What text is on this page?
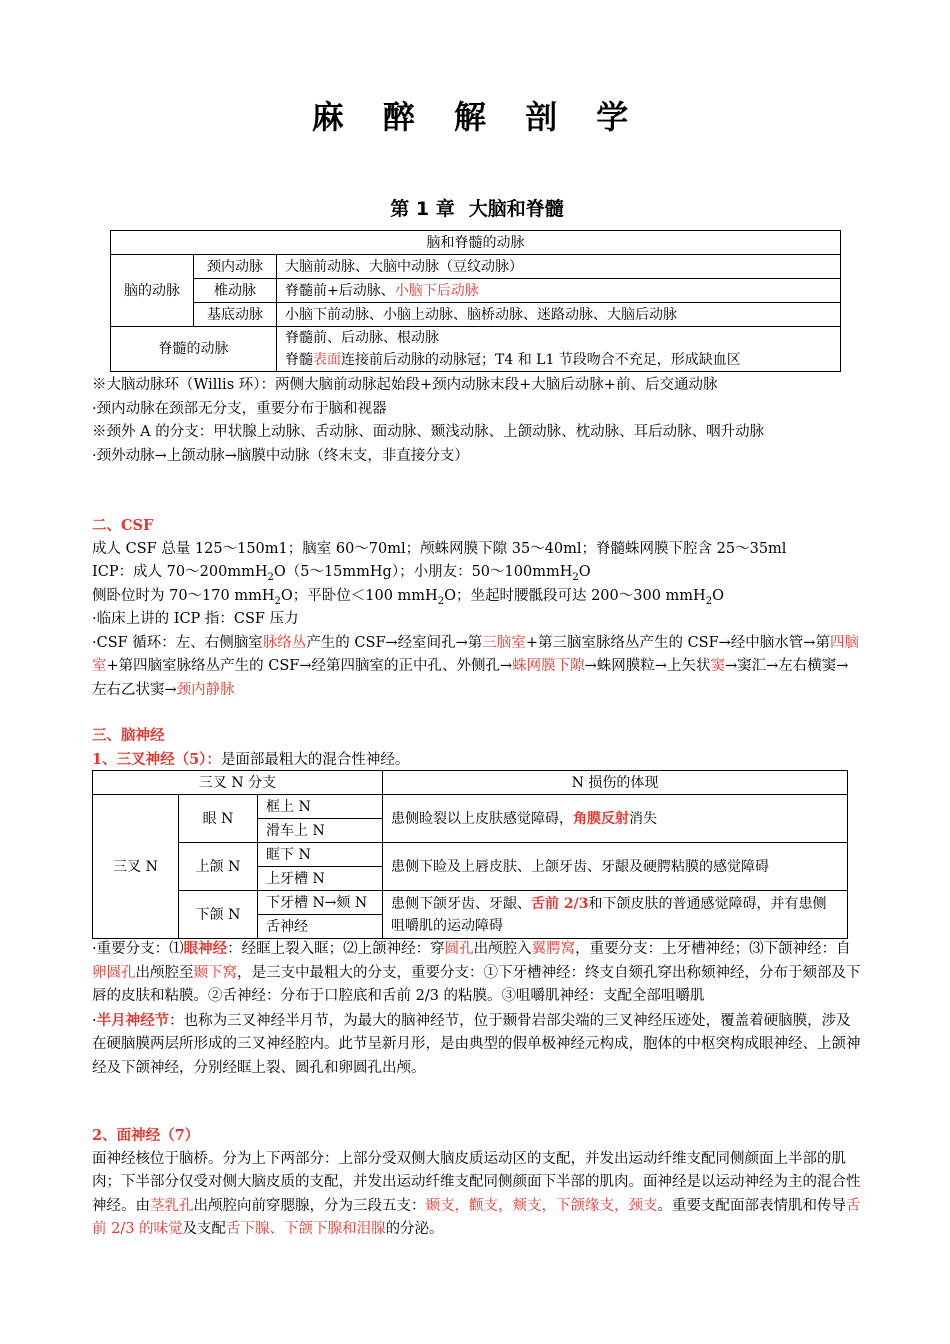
麻 醉 解 剖 学
第 1 章 大脑和脊髓
脑和脊髓的动脉		
脑的动脉	颈内动脉	大脑前动脉、大脑中动脉（豆纹动脉）
	椎动脉	脊髓前+后动脉、小脑下后动脉
	基底动脉	小脑下前动脉、小脑上动脉、脑桥动脉、迷路动脉、大脑后动脉
脊髓的动脉		脊髓前、后动脉、根动脉
脊髓表面连接前后动脉的动脉冠；T4 和 L1 节段吻合不充足，形成缺血区

※大脑动脉环（Willis 环）：两侧大脑前动脉起始段+颈内动脉末段+大脑后动脉+前、后交通动脉

·颈内动脉在颈部无分支，重要分布于脑和视器

※颈外 A 的分支：甲状腺上动脉、舌动脉、面动脉、颞浅动脉、上颌动脉、枕动脉、耳后动脉、咽升动脉

·颈外动脉→上颌动脉→脑膜中动脉（终末支，非直接分支）

二、CSF

成人 CSF 总量 125～150m1；脑室 60～70ml；颅蛛网膜下隙 35～40ml；脊髓蛛网膜下腔含 25～35ml

ICP：成人 70～200mmH$_2$O（5～15mmHg）；小朋友：50～100mmH$_2$O

侧卧位时为 70～170 mmH$_2$O；平卧位＜100 mmH$_2$O；坐起时腰骶段可达 200～300 mmH$_2$O

·临床上讲的 ICP 指：CSF 压力

·CSF 循环：左、右侧脑室脉络丛产生的 CSF→经室间孔→第三脑室+第三脑室脉络丛产生的 CSF→经中脑水管→第四脑室+第四脑室脉络丛产生的 CSF→经第四脑室的正中孔、外侧孔→蛛网膜下隙→蛛网膜粒→上矢状窦→窦汇→左右横窦→左右乙状窦→颈内静脉

三、脑神经

1、三叉神经（5）：是面部最粗大的混合性神经。

三叉 N 分支			N 损伤的体现
三叉 N	眼 N	框上 N	患侧睑裂以上皮肤感觉障碍，角膜反射消失
		滑车上 N	
	上颌 N	眶下 N	患侧下睑及上唇皮肤、上颌牙齿、牙龈及硬腭粘膜的感觉障碍
		上牙槽 N	
	下颌 N	下牙槽 N→颏 N	患侧下颌牙齿、牙龈、舌前 2/3和下颌皮肤的普通感觉障碍，并有患侧咀嚼肌的运动障碍
		舌神经	

·重要分支：⑴眼神经：经眶上裂入眶；⑵上颌神经：穿圆孔出颅腔入翼腭窝，重要分支：上牙槽神经；⑶下颌神经：自卵圆孔出颅腔至颞下窝，是三支中最粗大的分支，重要分支：①下牙槽神经：终支自颏孔穿出称颏神经，分布于颏部及下唇的皮肤和粘膜。②舌神经：分布于口腔底和舌前 2/3 的粘膜。③咀嚼肌神经：支配全部咀嚼肌

·半月神经节：也称为三叉神经半月节，为最大的脑神经节，位于颞骨岩部尖端的三叉神经压迹处，覆盖着硬脑膜，涉及在硬脑膜两层所形成的三叉神经腔内。此节呈新月形，是由典型的假单极神经元构成，胞体的中枢突构成眼神经、上颌神经及下颌神经，分别经眶上裂、圆孔和卵圆孔出颅。

2、面神经（7）

面神经核位于脑桥。分为上下两部分：上部分受双侧大脑皮质运动区的支配，并发出运动纤维支配同侧颜面上半部的肌肉；下半部分仅受对侧大脑皮质的支配，并发出运动纤维支配同侧颜面下半部的肌肉。面神经是以运动神经为主的混合性神经。由茎乳孔出颅腔向前穿腮腺，分为三段五支：颞支，颧支，颊支，下颌缘支，颈支。重要支配面部表情肌和传导舌前 2/3 的味觉及支配舌下腺、下颌下腺和泪腺的分泌。
